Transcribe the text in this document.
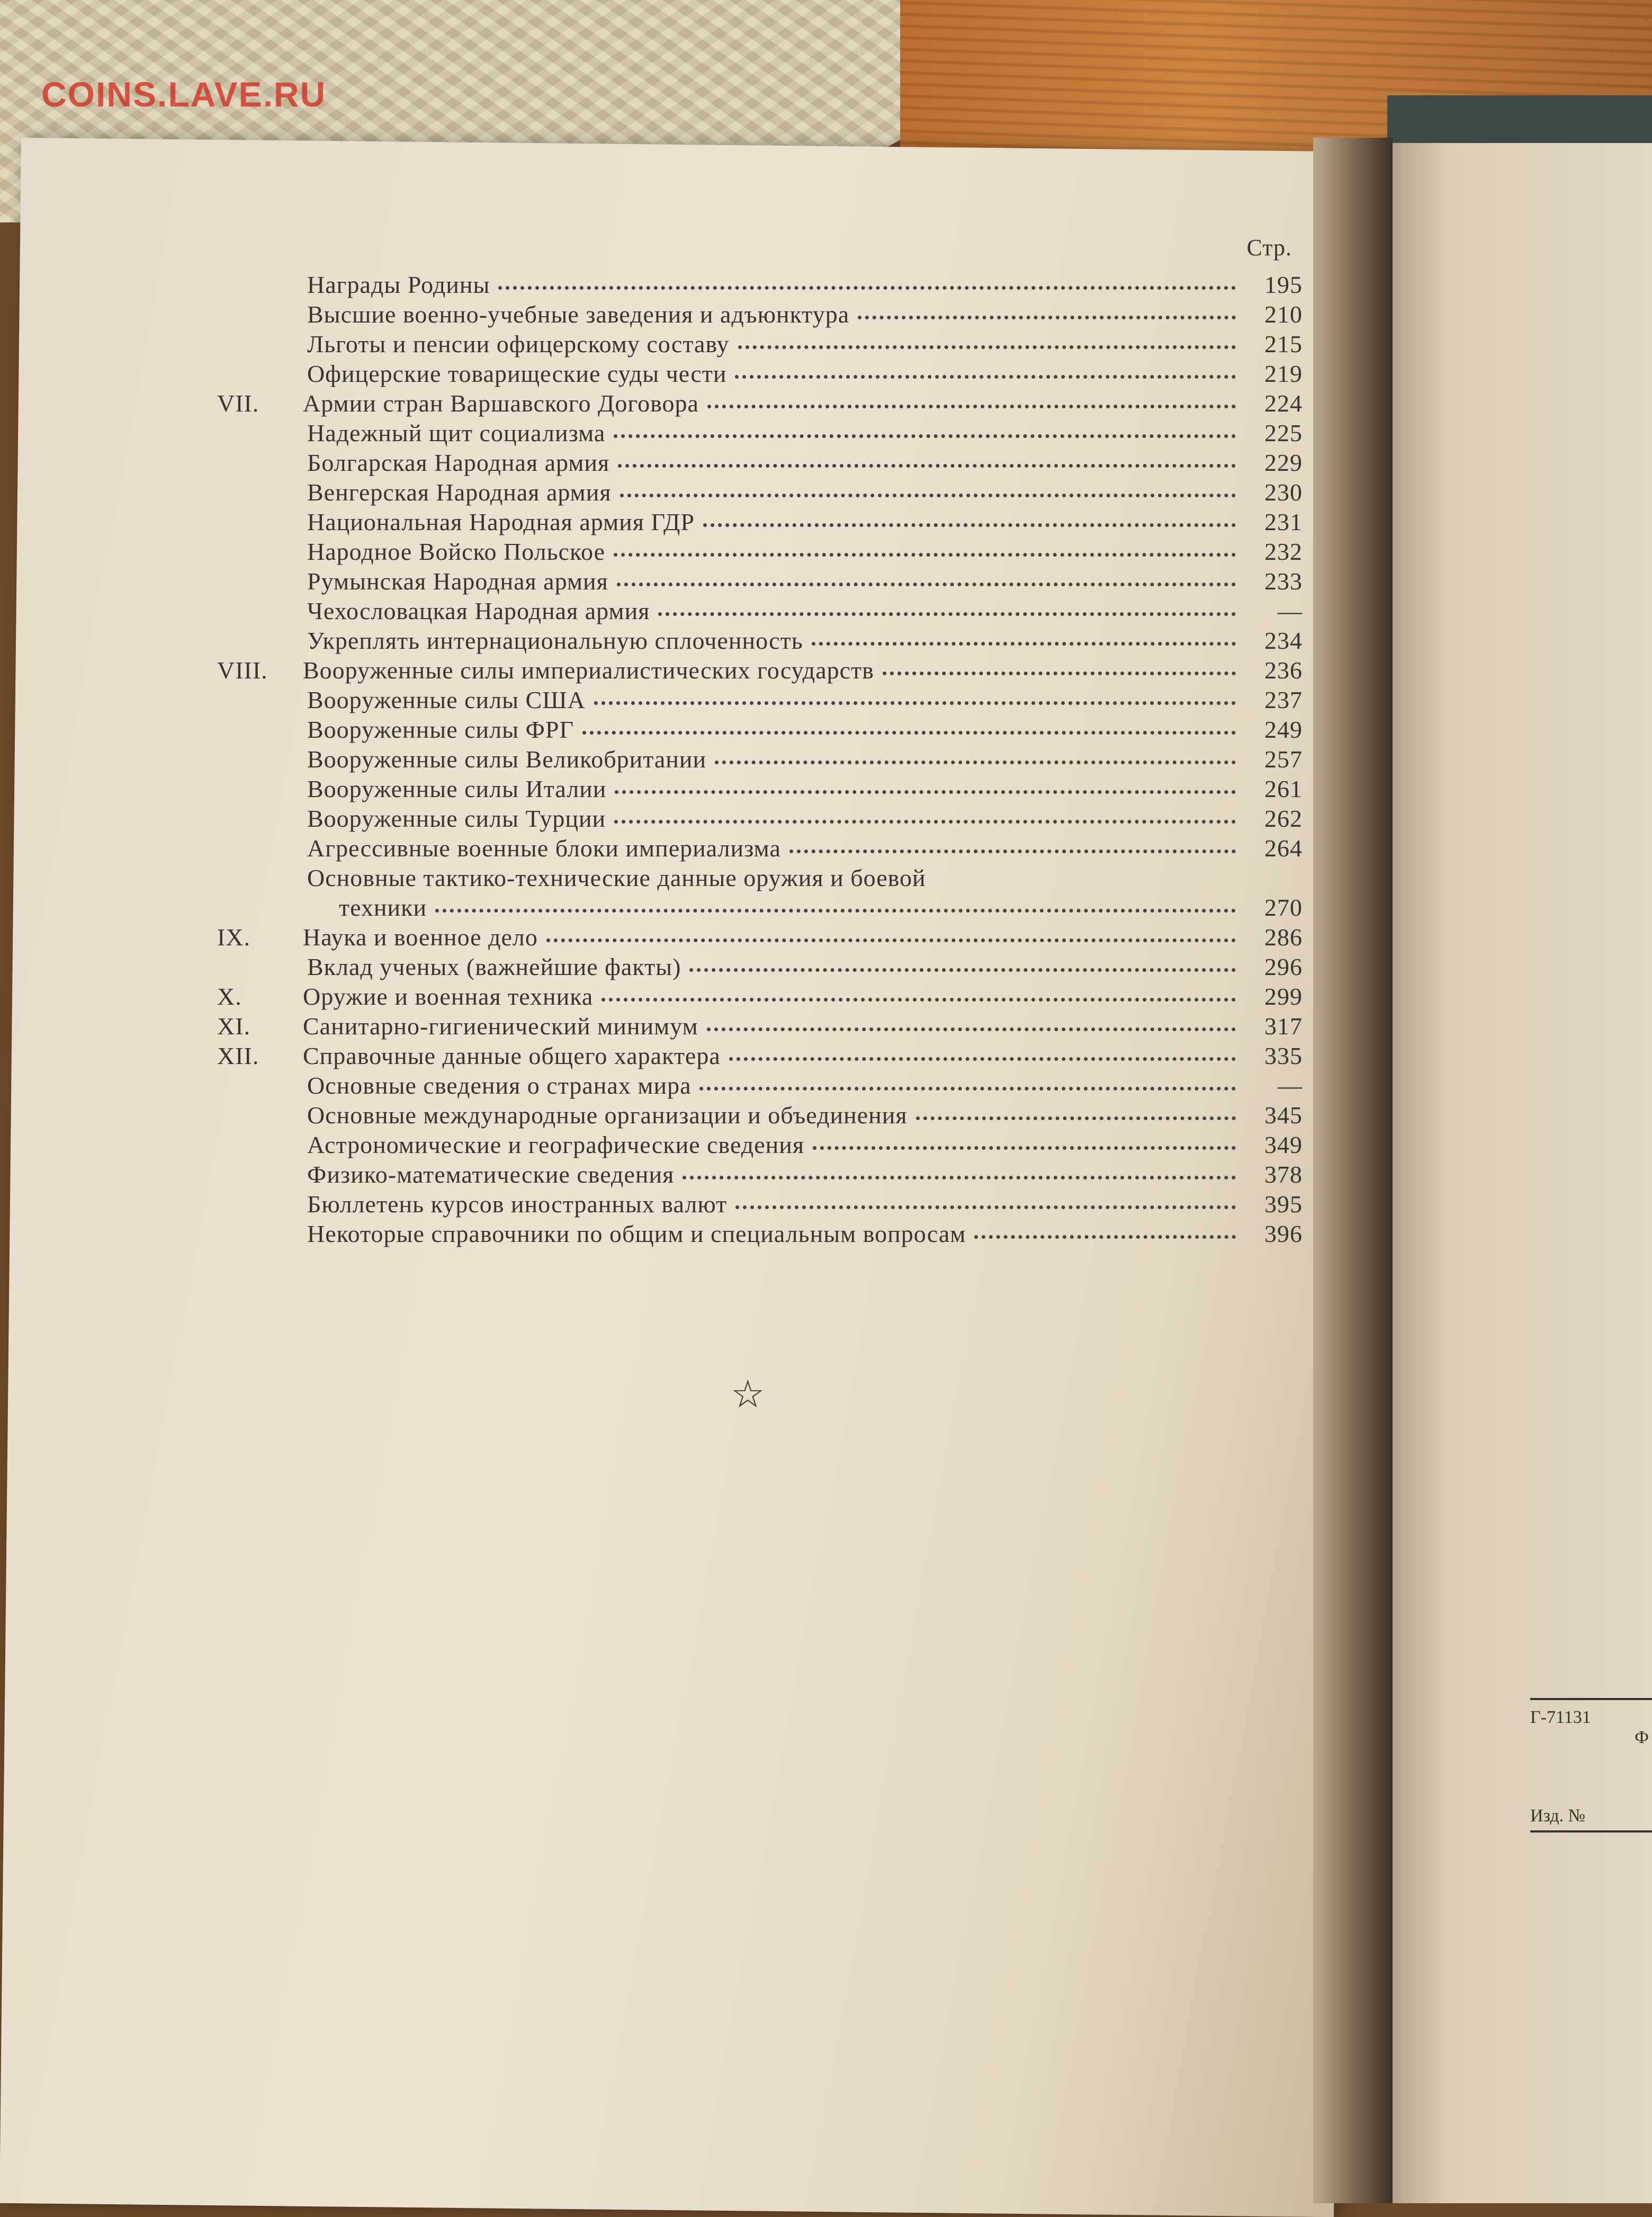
COINS.LAVE.RU
Г-71131
Ф
Изд. №
Стр.
Награды Родины	195
Высшие военно-учебные заведения и адъюнктура	210
Льготы и пенсии офицерскому составу	215
Офицерские товарищеские суды чести	219
VII.	Армии стран Варшавского Договора	224
Надежный щит социализма	225
Болгарская Народная армия	229
Венгерская Народная армия	230
Национальная Народная армия ГДР	231
Народное Войско Польское	232
Румынская Народная армия	233
Чехословацкая Народная армия	—
Укреплять интернациональную сплоченность	234
VIII.	Вооруженные силы империалистических государств	236
Вооруженные силы США	237
Вооруженные силы ФРГ	249
Вооруженные силы Великобритании	257
Вооруженные силы Италии	261
Вооруженные силы Турции	262
Агрессивные военные блоки империализма	264
Основные тактико-технические данные оружия и боевой
техники	270
IX.	Наука и военное дело	286
Вклад ученых (важнейшие факты)	296
X.	Оружие и военная техника	299
XI.	Санитарно-гигиенический минимум	317
XII.	Справочные данные общего характера	335
Основные сведения о странах мира	—
Основные международные организации и объединения	345
Астрономические и географические сведения	349
Физико-математические сведения	378
Бюллетень курсов иностранных валют	395
Некоторые справочники по общим и специальным вопросам	396
☆
